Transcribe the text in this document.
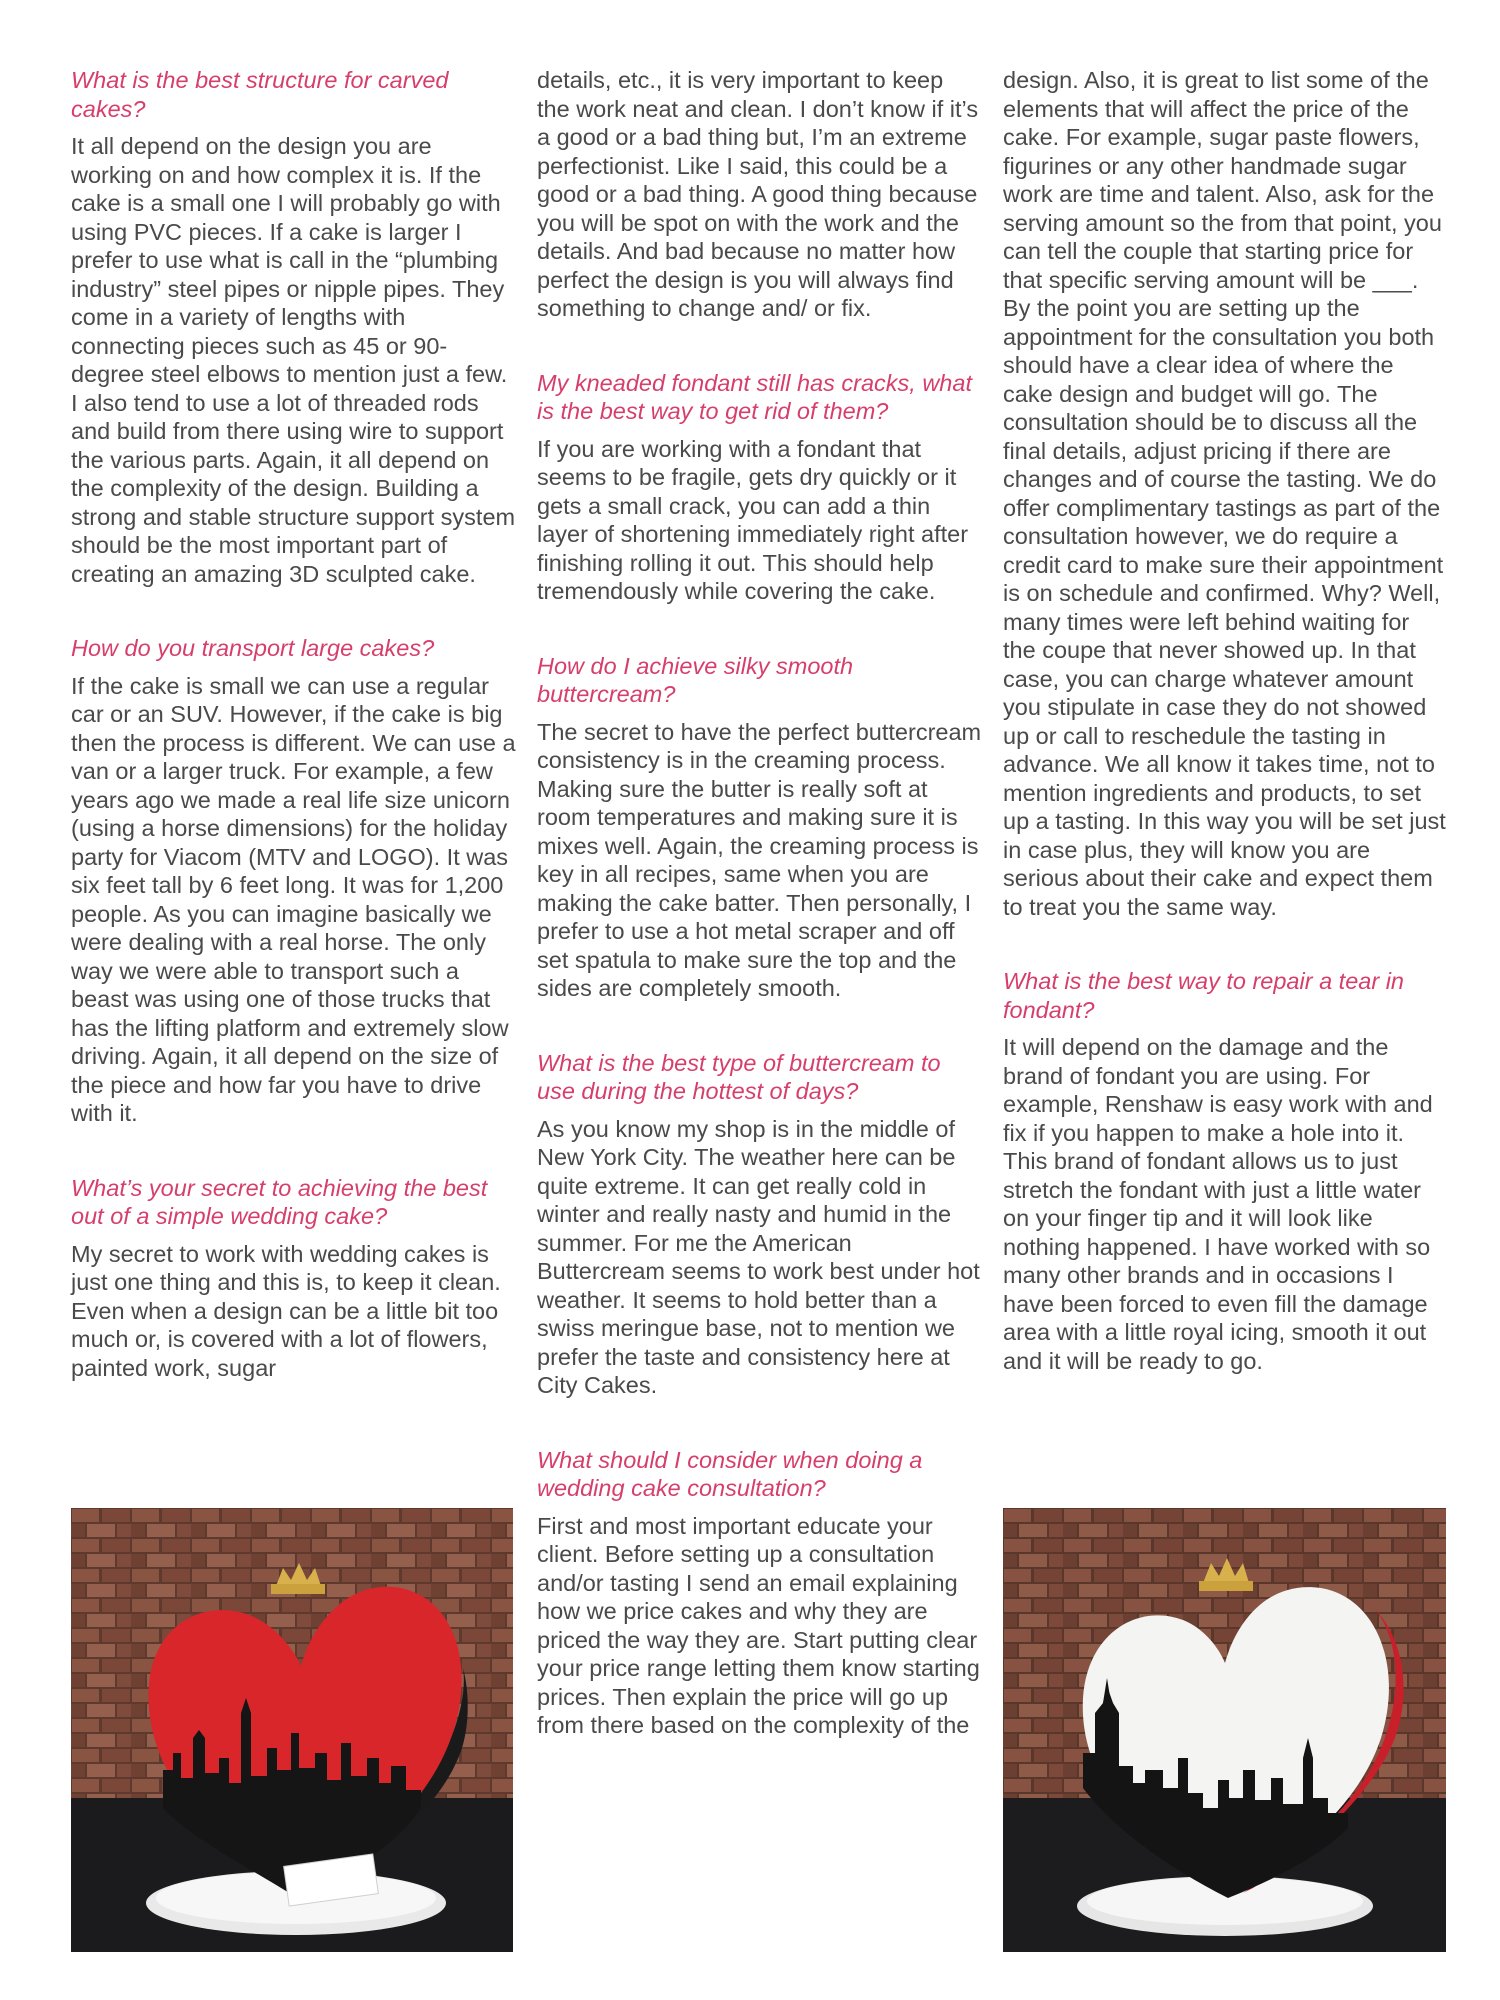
What is the best structure for carved cakes?

It all depend on the design you are working on and how complex it is. If the cake is a small one I will probably go with using PVC pieces. If a cake is larger I prefer to use what is call in the “plumbing industry” steel pipes or nipple pipes. They come in a variety of lengths with connecting pieces such as 45 or 90-degree steel elbows to mention just a few. I also tend to use a lot of threaded rods and build from there using wire to support the various parts. Again, it all depend on the complexity of the design. Building a strong and stable structure support system should be the most important part of creating an amazing 3D sculpted cake.

How do you transport large cakes?

If the cake is small we can use a regular car or an SUV. However, if the cake is big then the process is different. We can use a van or a larger truck. For example, a few years ago we made a real life size unicorn (using a horse dimensions) for the holiday party for Viacom (MTV and LOGO). It was six feet tall by 6 feet long. It was for 1,200 people. As you can imagine basically we were dealing with a real horse. The only way we were able to transport such a beast was using one of those trucks that has the lifting platform and extremely slow driving. Again, it all depend on the size of the piece and how far you have to drive with it.

What’s your secret to achieving the best out of a simple wedding cake?

My secret to work with wedding cakes is just one thing and this is, to keep it clean. Even when a design can be a little bit too much or, is covered with a lot of flowers, painted work, sugar

details, etc., it is very important to keep the work neat and clean. I don’t know if it’s a good or a bad thing but, I’m an extreme perfectionist. Like I said, this could be a good or a bad thing. A good thing because you will be spot on with the work and the details. And bad because no matter how perfect the design is you will always find something to change and/ or fix.

My kneaded fondant still has cracks, what is the best way to get rid of them?

If you are working with a fondant that seems to be fragile, gets dry quickly or it gets a small crack, you can add a thin layer of shortening immediately right after finishing rolling it out. This should help tremendously while covering the cake.

How do I achieve silky smooth buttercream?

The secret to have the perfect buttercream consistency is in the creaming process. Making sure the butter is really soft at room temperatures and making sure it is mixes well. Again, the creaming process is key in all recipes, same when you are making the cake batter. Then personally, I prefer to use a hot metal scraper and off set spatula to make sure the top and the sides are completely smooth.

What is the best type of buttercream to use during the hottest of days?

As you know my shop is in the middle of New York City. The weather here can be quite extreme. It can get really cold in winter and really nasty and humid in the summer. For me the American Buttercream seems to work best under hot weather. It seems to hold better than a swiss meringue base, not to mention we prefer the taste and consistency here at City Cakes.

What should I consider when doing a wedding cake consultation?

First and most important educate your client. Before setting up a consultation and/or tasting I send an email explaining how we price cakes and why they are priced the way they are. Start putting clear your price range letting them know starting prices. Then explain the price will go up from there based on the complexity of the

design. Also, it is great to list some of the elements that will affect the price of the cake. For example, sugar paste flowers, figurines or any other handmade sugar work are time and talent. Also, ask for the serving amount so the from that point, you can tell the couple that starting price for that specific serving amount will be ___. By the point you are setting up the appointment for the consultation you both should have a clear idea of where the cake design and budget will go. The consultation should be to discuss all the final details, adjust pricing if there are changes and of course the tasting. We do offer complimentary tastings as part of the consultation however, we do require a credit card to make sure their appointment is on schedule and confirmed. Why? Well, many times were left behind waiting for the coupe that never showed up. In that case, you can charge whatever amount you stipulate in case they do not showed up or call to reschedule the tasting in advance. We all know it takes time, not to mention ingredients and products, to set up a tasting. In this way you will be set just in case plus, they will know you are serious about their cake and expect them to treat you the same way.

What is the best way to repair a tear in fondant?

It will depend on the damage and the brand of fondant you are using. For example, Renshaw is easy work with and fix if you happen to make a hole into it. This brand of fondant allows us to just stretch the fondant with just a little water on your finger tip and it will look like nothing happened. I have worked with so many other brands and in occasions I have been forced to even fill the damage area with a little royal icing, smooth it out and it will be ready to go.
